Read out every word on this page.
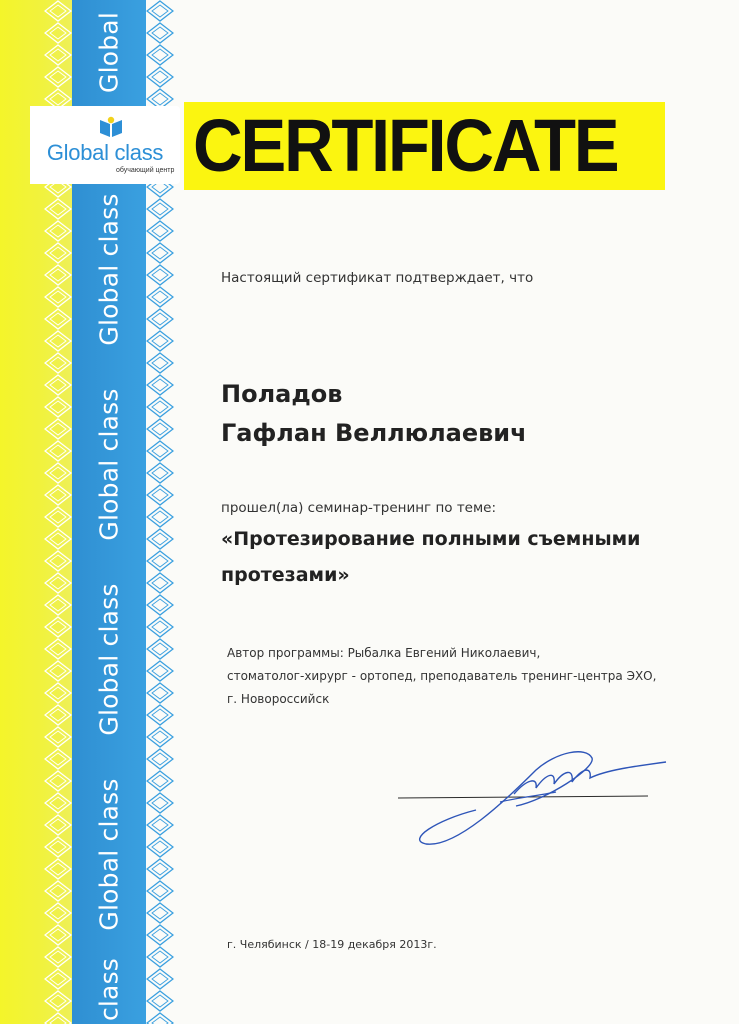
Global
Global class
Global class
Global class
Global class
class
Global class
обучающий центр CERTIFICATE
Настоящий сертификат подтверждает, что
Поладов
Гафлан Веллюлаевич
прошел(ла) семинар-тренинг по теме:
«Протезирование полными съемными
протезами»
Автор программы: Рыбалка Евгений Николаевич,
стоматолог-хирург - ортопед, преподаватель тренинг-центра ЭХО,
г. Новороссийск
г. Челябинск / 18-19 декабря 2013г.
